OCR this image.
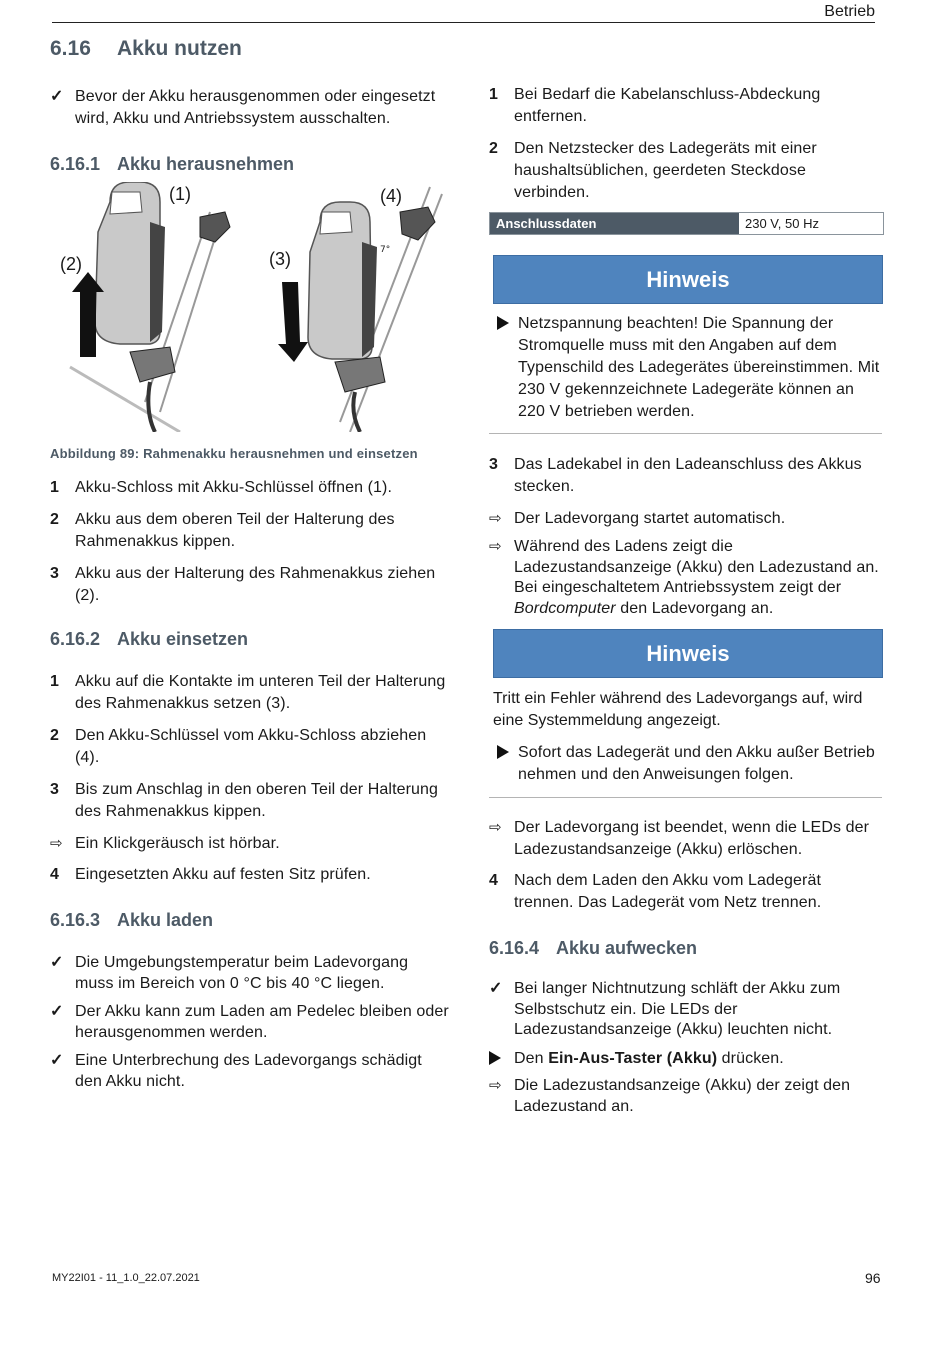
Betrieb
6.16 Akku nutzen
✓ Bevor der Akku herausgenommen oder eingesetzt wird, Akku und Antriebssystem ausschalten.
6.16.1 Akku herausnehmen
7°
(1)	(4)
(2)	(3)
Abbildung 89: Rahmenakku herausnehmen und einsetzen
1	Akku-Schloss mit Akku-Schlüssel öffnen (1).
2	Akku aus dem oberen Teil der Halterung des Rahmenakkus kippen.
3	Akku aus der Halterung des Rahmenakkus ziehen (2).
6.16.2 Akku einsetzen
1	Akku auf die Kontakte im unteren Teil der Halterung des Rahmenakkus setzen (3).
2	Den Akku-Schlüssel vom Akku-Schloss abziehen (4).
3	Bis zum Anschlag in den oberen Teil der Halterung des Rahmenakkus kippen.
⇨ Ein Klickgeräusch ist hörbar.
4	Eingesetzten Akku auf festen Sitz prüfen.
6.16.3 Akku laden
✓ Die Umgebungstemperatur beim Ladevorgang muss im Bereich von 0 °C bis 40 °C liegen.
✓ Der Akku kann zum Laden am Pedelec bleiben oder herausgenommen werden.
✓ Eine Unterbrechung des Ladevorgangs schädigt den Akku nicht.
1	Bei Bedarf die Kabelanschluss-Abdeckung entfernen.
2	Den Netzstecker des Ladegeräts mit einer haushaltsüblichen, geerdeten Steckdose verbinden.
Anschlussdaten	230 V, 50 Hz
Hinweis
Netzspannung beachten! Die Spannung der Stromquelle muss mit den Angaben auf dem Typenschild des Ladegerätes übereinstimmen. Mit 230 V gekennzeichnete Ladegeräte können an 220 V betrieben werden.
3	Das Ladekabel in den Ladeanschluss des Akkus stecken.
⇨ Der Ladevorgang startet automatisch.
⇨ Während des Ladens zeigt die Ladezustandsanzeige (Akku) den Ladezustand an. Bei eingeschaltetem Antriebssystem zeigt der Bordcomputer den Ladevorgang an.
Hinweis
Tritt ein Fehler während des Ladevorgangs auf, wird eine Systemmeldung angezeigt.
Sofort das Ladegerät und den Akku außer Betrieb nehmen und den Anweisungen folgen.
⇨ Der Ladevorgang ist beendet, wenn die LEDs der Ladezustandsanzeige (Akku) erlöschen.
4	Nach dem Laden den Akku vom Ladegerät trennen. Das Ladegerät vom Netz trennen.
6.16.4 Akku aufwecken
✓ Bei langer Nichtnutzung schläft der Akku zum Selbstschutz ein. Die LEDs der Ladezustandsanzeige (Akku) leuchten nicht.
Den Ein-Aus-Taster (Akku) drücken.
⇨ Die Ladezustandsanzeige (Akku) der zeigt den Ladezustand an.
MY22I01 - 11_1.0_22.07.2021	96
